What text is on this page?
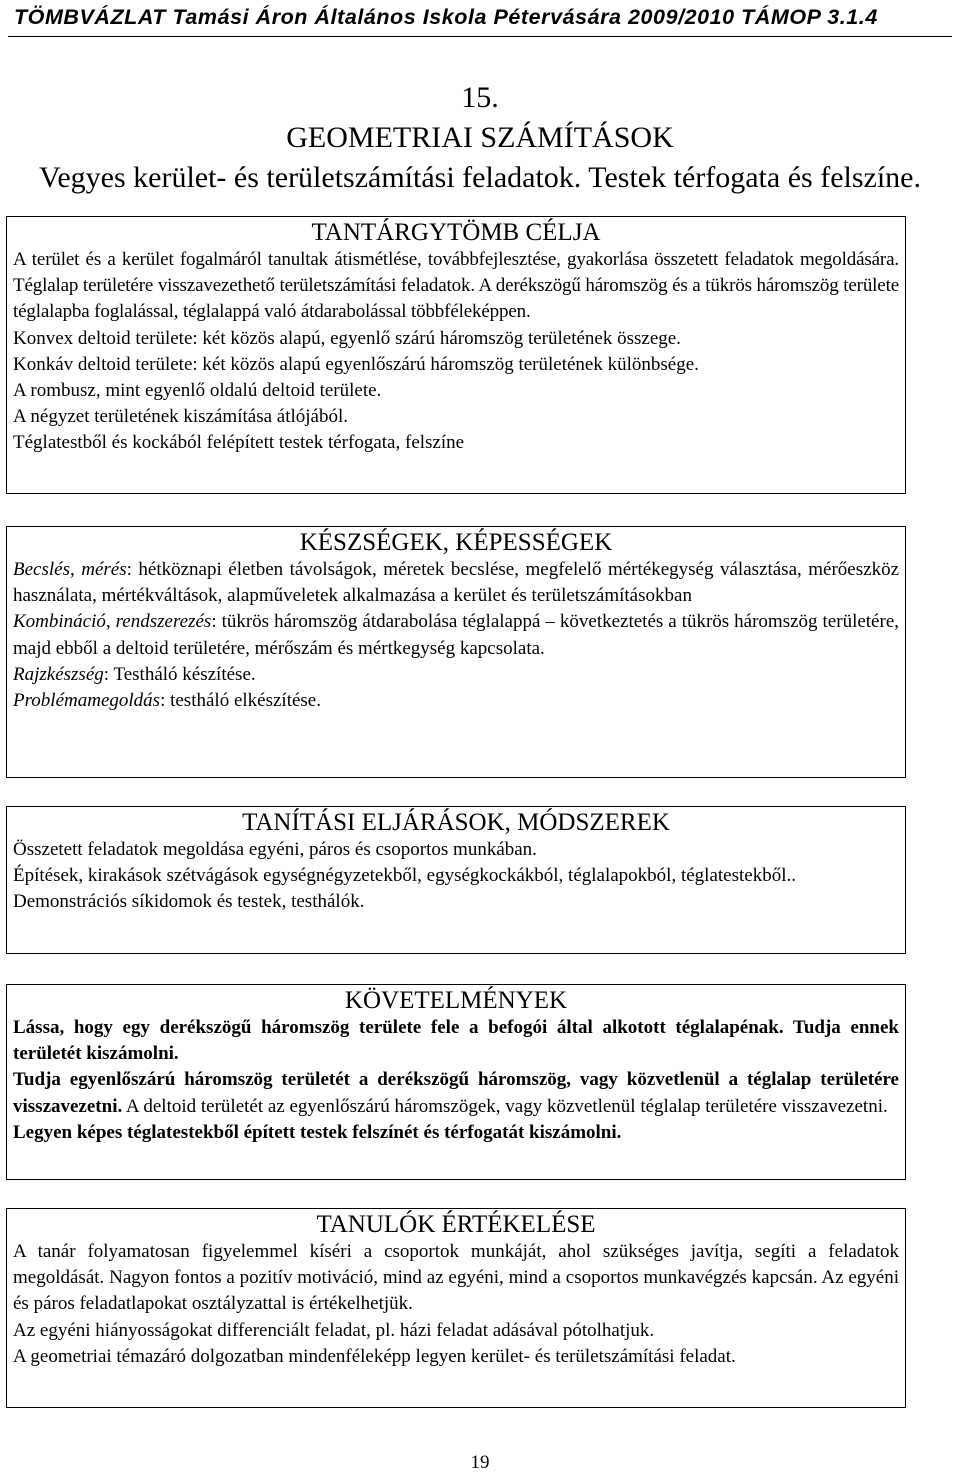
TÖMBVÁZLAT Tamási Áron Általános Iskola Pétervására 2009/2010 TÁMOP 3.1.4
15.
GEOMETRIAI SZÁMÍTÁSOK
Vegyes kerület- és területszámítási feladatok. Testek térfogata és felszíne.
TANTÁRGYTÖMB CÉLJA

A terület és a kerület fogalmáról tanultak átismétlése, továbbfejlesztése, gyakorlása összetett feladatok megoldására. Téglalap területére visszavezethető területszámítási feladatok. A derékszögű háromszög és a tükrös háromszög területe téglalapba foglalással, téglalappá való átdarabolással többféleképpen.

Konvex deltoid területe: két közös alapú, egyenlő szárú háromszög területének összege.

Konkáv deltoid területe: két közös alapú egyenlőszárú háromszög területének különbsége.

A rombusz, mint egyenlő oldalú deltoid területe.

A négyzet területének kiszámítása átlójából.

Téglatestből és kockából felépített testek térfogata, felszíne

KÉSZSÉGEK, KÉPESSÉGEK

Becslés, mérés: hétköznapi életben távolságok, méretek becslése, megfelelő mértékegység választása, mérőeszköz használata, mértékváltások, alapműveletek alkalmazása a kerület és területszámításokban

Kombináció, rendszerezés: tükrös háromszög átdarabolása téglalappá – következtetés a tükrös háromszög területére, majd ebből a deltoid területére, mérőszám és mértkegység kapcsolata.

Rajzkészség: Testháló készítése.

Problémamegoldás: testháló elkészítése.

TANÍTÁSI ELJÁRÁSOK, MÓDSZEREK

Összetett feladatok megoldása egyéni, páros és csoportos munkában.

Építések, kirakások szétvágások egységnégyzetekből, egységkockákból, téglalapokból, téglatestekből..

Demonstrációs síkidomok és testek, testhálók.

KÖVETELMÉNYEK

Lássa, hogy egy derékszögű háromszög területe fele a befogói által alkotott téglalapénak. Tudja ennek területét kiszámolni.

Tudja egyenlőszárú háromszög területét a derékszögű háromszög, vagy közvetlenül a téglalap területére visszavezetni. A deltoid területét az egyenlőszárú háromszögek, vagy közvetlenül téglalap területére visszavezetni.

Legyen képes téglatestekből épített testek felszínét és térfogatát kiszámolni.

TANULÓK ÉRTÉKELÉSE

A tanár folyamatosan figyelemmel kíséri a csoportok munkáját, ahol szükséges javítja, segíti a feladatok megoldását. Nagyon fontos a pozitív motiváció, mind az egyéni, mind a csoportos munkavégzés kapcsán. Az egyéni és páros feladatlapokat osztályzattal is értékelhetjük.

Az egyéni hiányosságokat differenciált feladat, pl. házi feladat adásával pótolhatjuk.

A geometriai témazáró dolgozatban mindenféleképp legyen kerület- és területszámítási feladat.

19
